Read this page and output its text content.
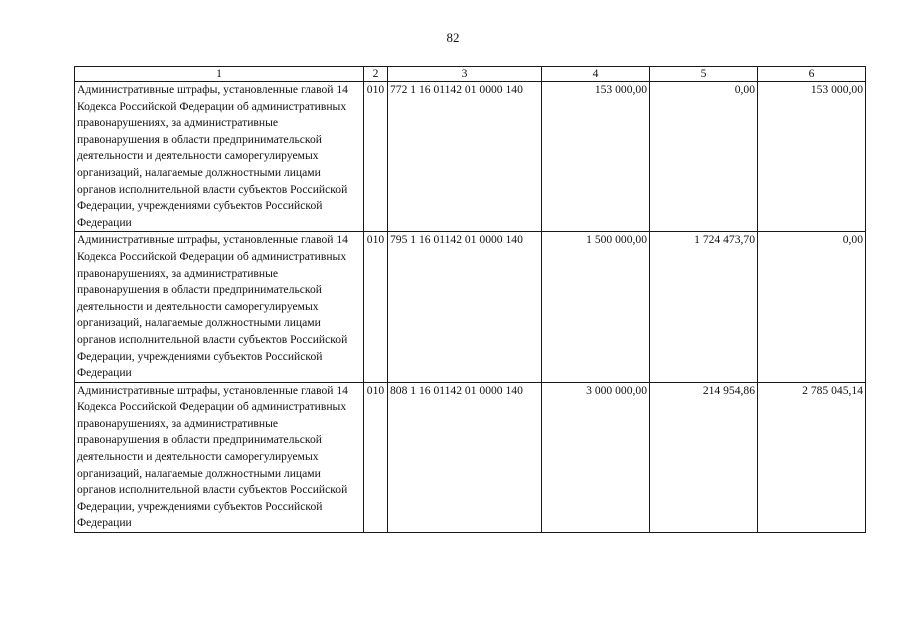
82
1	2	3	4	5	6
Административные штрафы, установленные главой 14 Кодекса Российской Федерации об административных правонарушениях, за административные правонарушения в области предпринимательской деятельности и деятельности саморегулируемых организаций, налагаемые должностными лицами органов исполнительной власти субъектов Российской Федерации, учреждениями субъектов Российской Федерации	010	772 1 16 01142 01 0000 140	153 000,00	0,00	153 000,00
Административные штрафы, установленные главой 14 Кодекса Российской Федерации об административных правонарушениях, за административные правонарушения в области предпринимательской деятельности и деятельности саморегулируемых организаций, налагаемые должностными лицами органов исполнительной власти субъектов Российской Федерации, учреждениями субъектов Российской Федерации	010	795 1 16 01142 01 0000 140	1 500 000,00	1 724 473,70	0,00
Административные штрафы, установленные главой 14 Кодекса Российской Федерации об административных правонарушениях, за административные правонарушения в области предпринимательской деятельности и деятельности саморегулируемых организаций, налагаемые должностными лицами органов исполнительной власти субъектов Российской Федерации, учреждениями субъектов Российской Федерации	010	808 1 16 01142 01 0000 140	3 000 000,00	214 954,86	2 785 045,14
